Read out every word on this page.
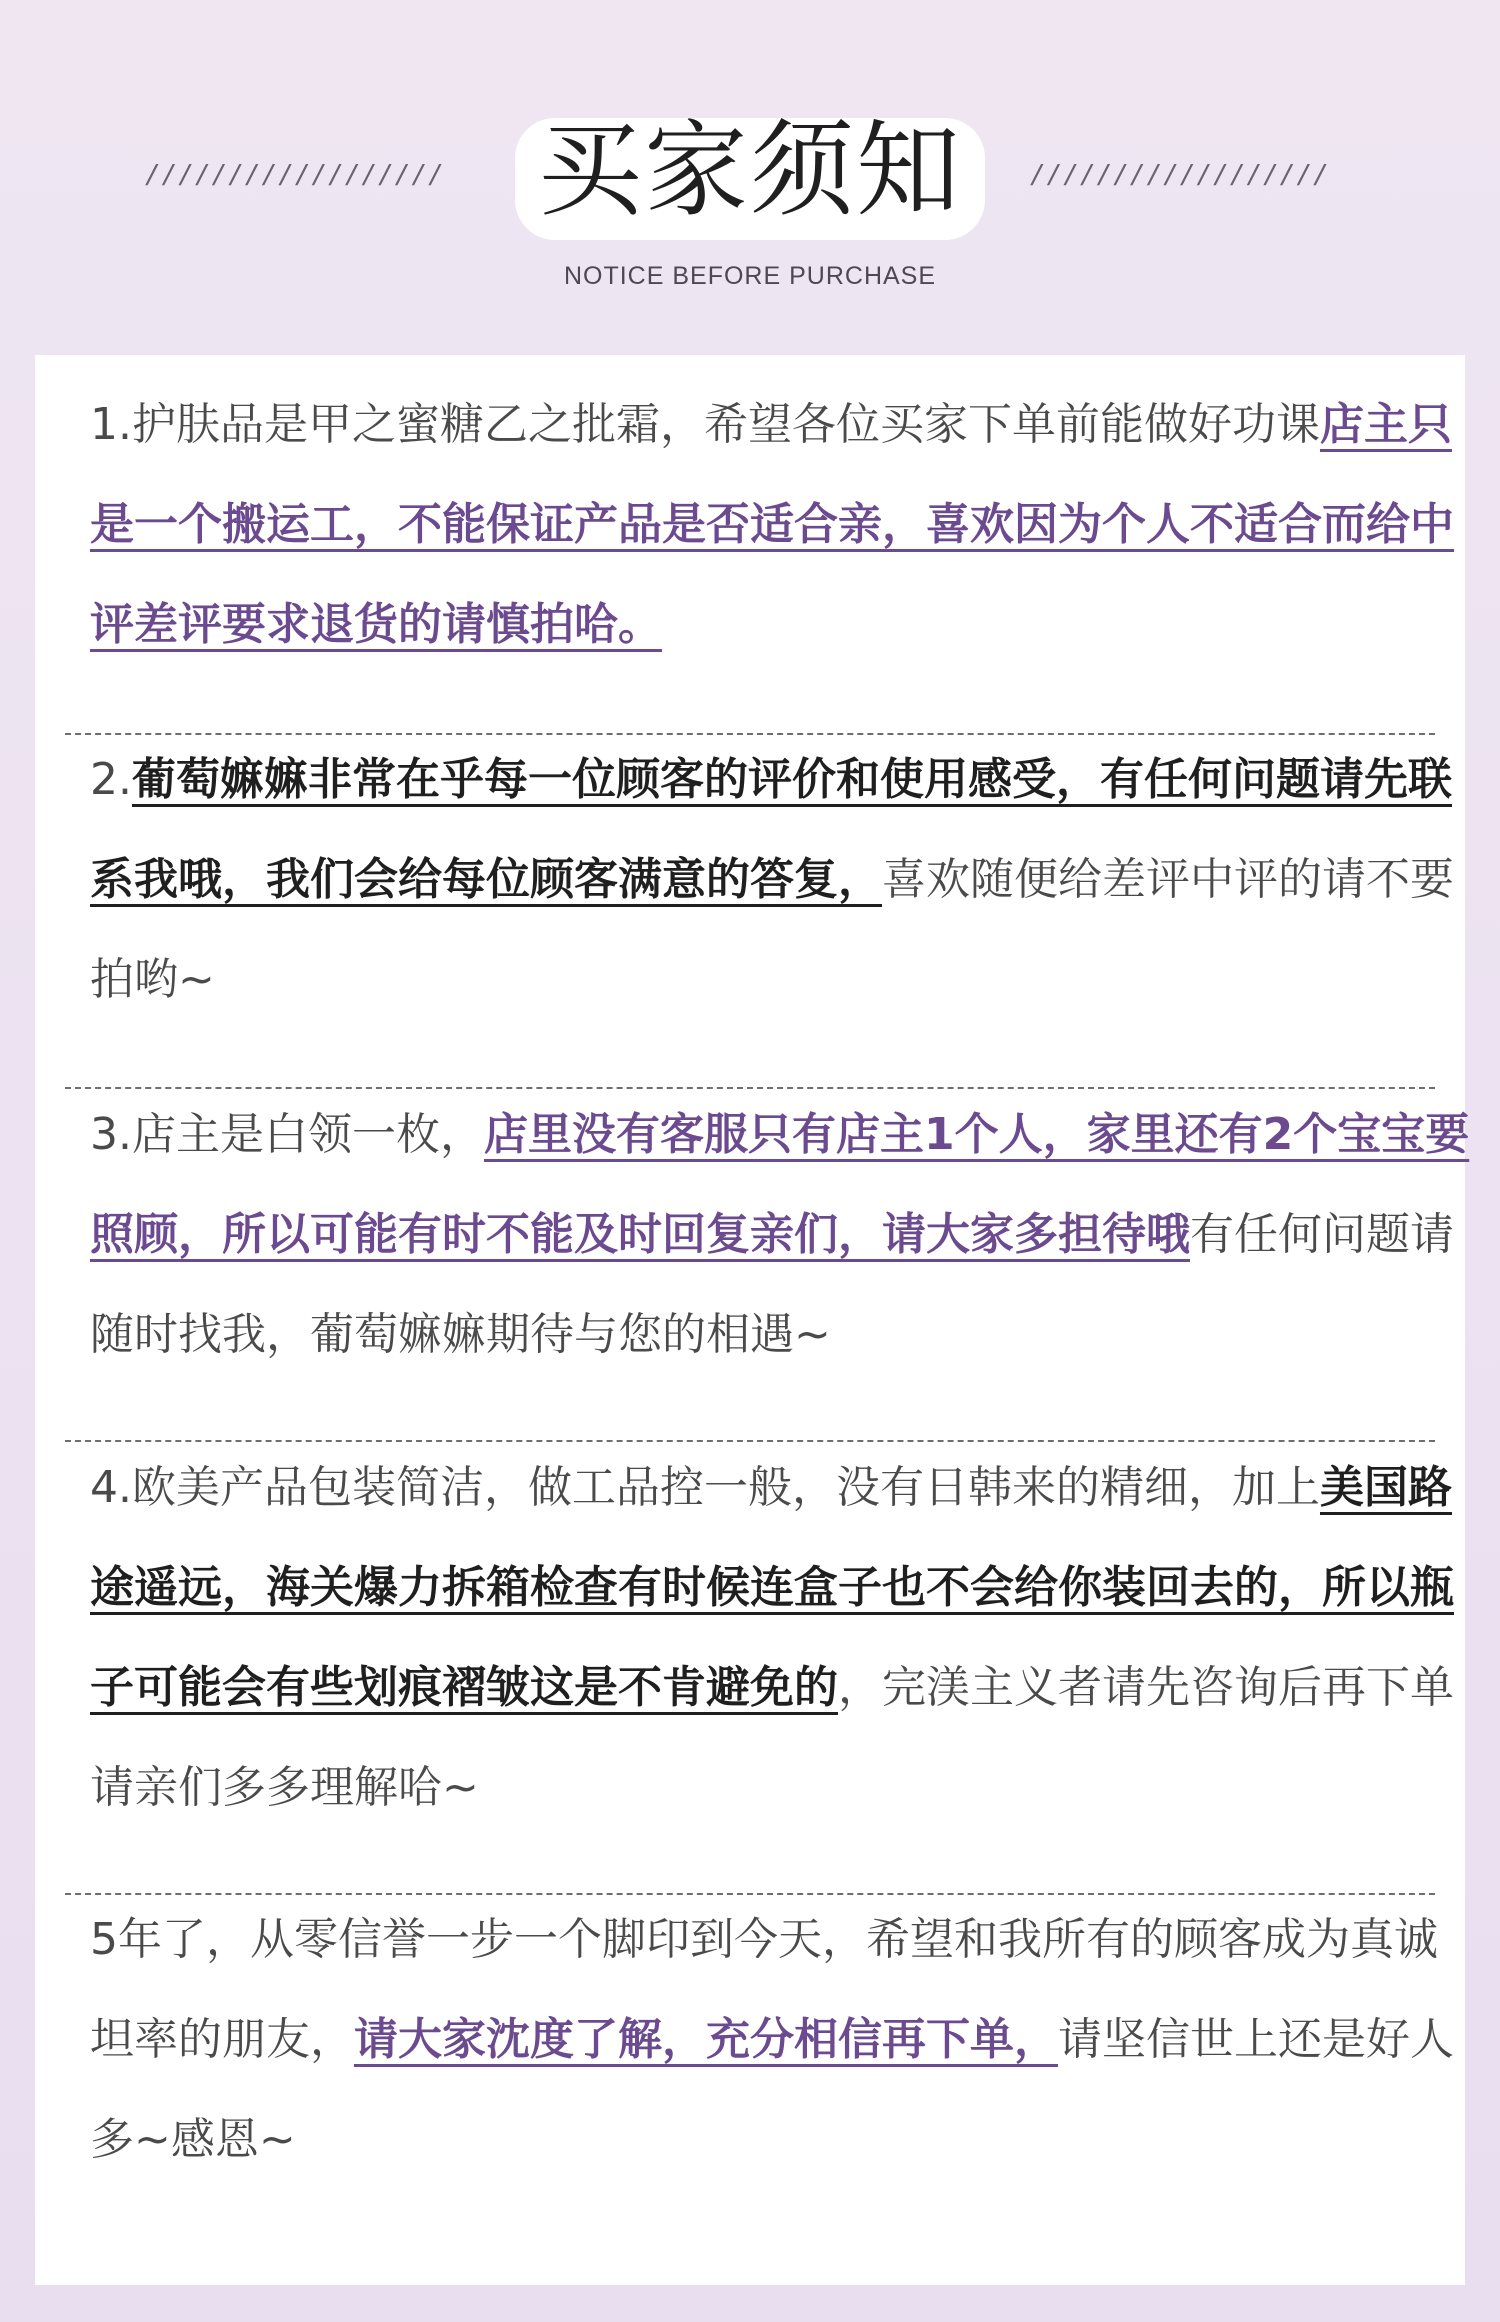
////////////////// 买家须知	//////////////////
NOTICE BEFORE PURCHASE

1.护肤品是甲之蜜糖乙之批霜，希望各位买家下单前能做好功课店主只是一个搬运工，不能保证产品是否适合亲，喜欢因为个人不适合而给中评差评要求退货的请慎拍哈。

2.葡萄嫲嫲非常在乎每一位顾客的评价和使用感受，有任何问题请先联系我哦，我们会给每位顾客满意的答复，喜欢随便给差评中评的请不要拍哟~

3.店主是白领一枚，店里没有客服只有店主1个人，家里还有2个宝宝要照顾，所以可能有时不能及时回复亲们，请大家多担待哦有任何问题请随时找我，葡萄嫲嫲期待与您的相遇~

4.欧美产品包装简洁，做工品控一般，没有日韩来的精细，加上美国路途遥远，海关爆力拆箱检查有时候连盒子也不会给你装回去的，所以瓶子可能会有些划痕褶皱这是不肯避免的，完渼主义者请先咨询后再下单请亲们多多理解哈~

5年了，从零信誉一步一个脚印到今天，希望和我所有的顾客成为真诚坦率的朋友，请大家沈度了解，充分相信再下单，请坚信世上还是好人多~感恩~
